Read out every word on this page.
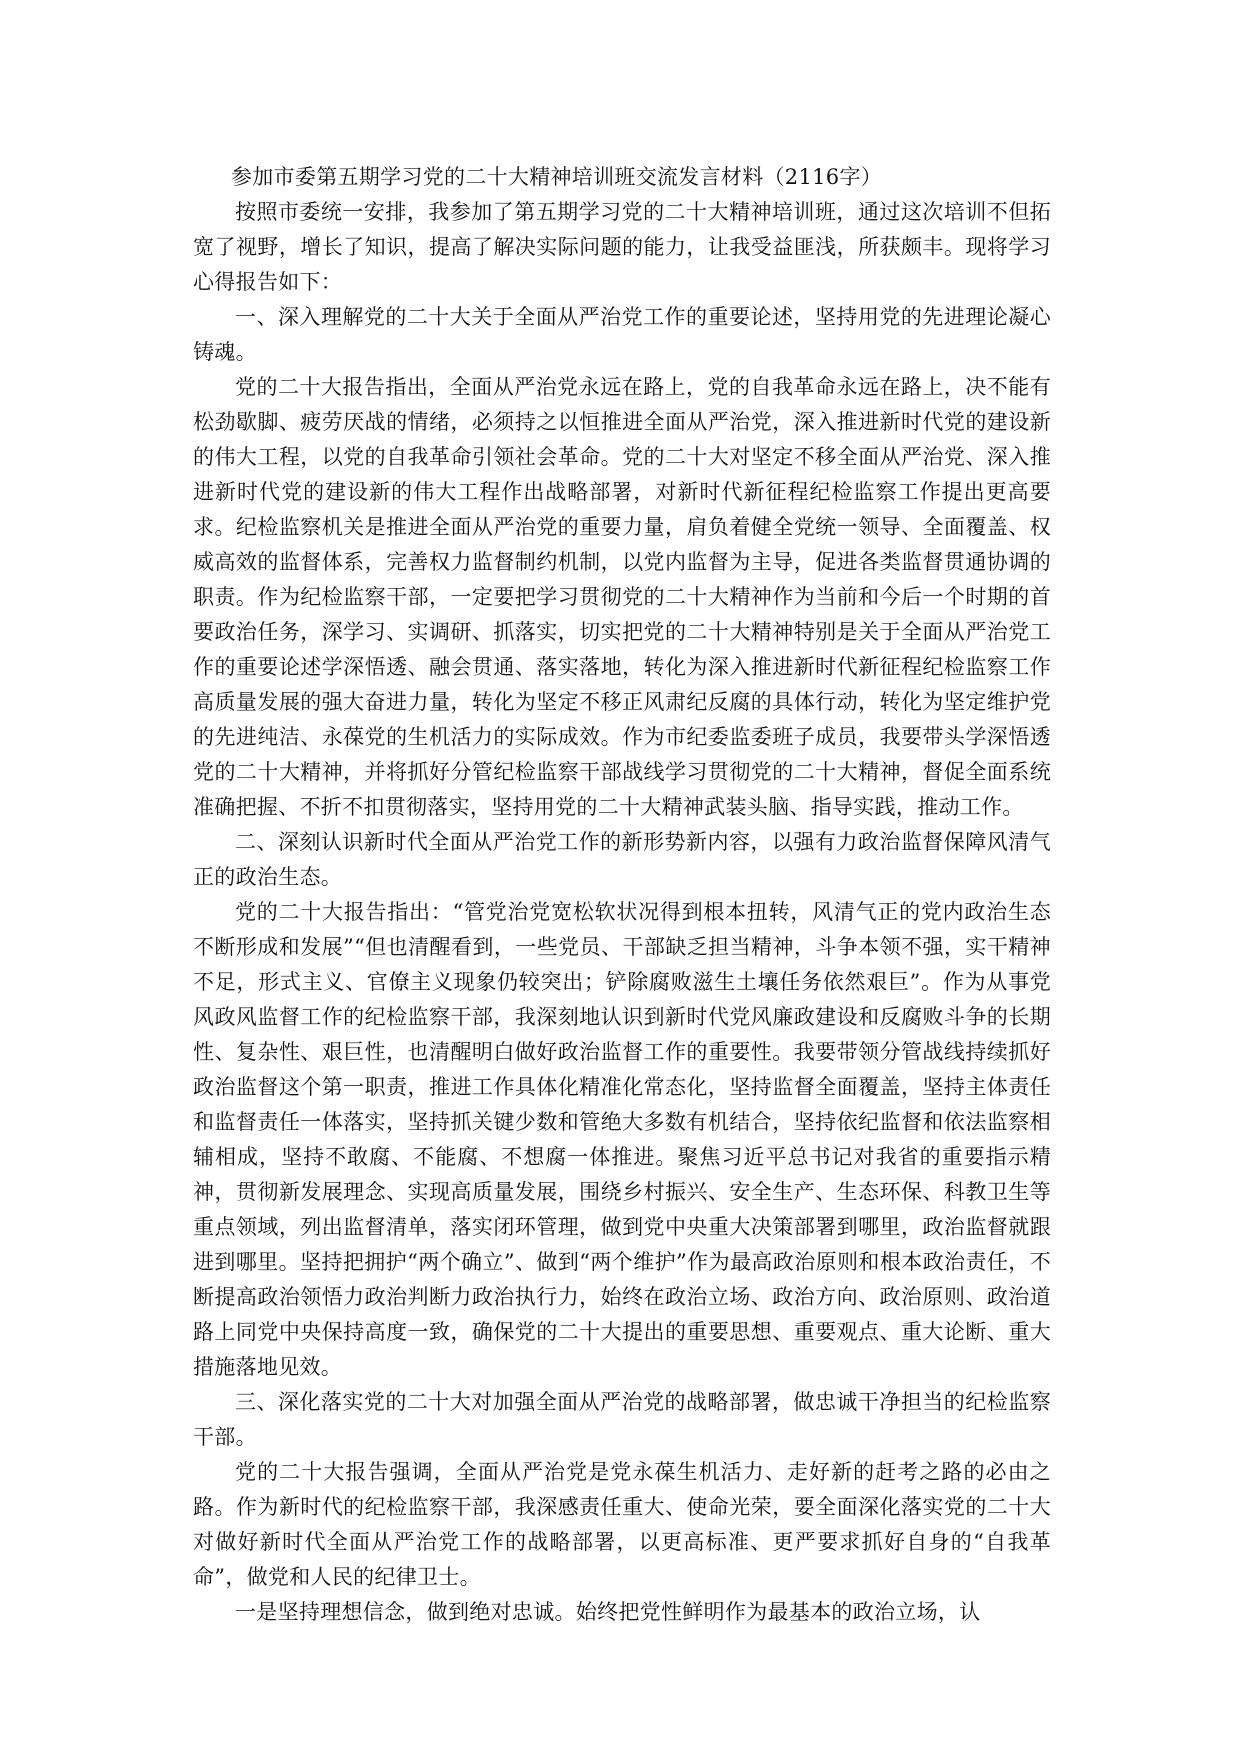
参加市委第五期学习党的二十大精神培训班交流发言材料（2116字）

按照市委统一安排，我参加了第五期学习党的二十大精神培训班，通过这次培训不但拓宽了视野，增长了知识，提高了解决实际问题的能力，让我受益匪浅，所获颇丰。现将学习心得报告如下：

一、深入理解党的二十大关于全面从严治党工作的重要论述，坚持用党的先进理论凝心铸魂。

党的二十大报告指出，全面从严治党永远在路上，党的自我革命永远在路上，决不能有松劲歇脚、疲劳厌战的情绪，必须持之以恒推进全面从严治党，深入推进新时代党的建设新的伟大工程，以党的自我革命引领社会革命。党的二十大对坚定不移全面从严治党、深入推进新时代党的建设新的伟大工程作出战略部署，对新时代新征程纪检监察工作提出更高要求。纪检监察机关是推进全面从严治党的重要力量，肩负着健全党统一领导、全面覆盖、权威高效的监督体系，完善权力监督制约机制，以党内监督为主导，促进各类监督贯通协调的职责。作为纪检监察干部，一定要把学习贯彻党的二十大精神作为当前和今后一个时期的首要政治任务，深学习、实调研、抓落实，切实把党的二十大精神特别是关于全面从严治党工作的重要论述学深悟透、融会贯通、落实落地，转化为深入推进新时代新征程纪检监察工作高质量发展的强大奋进力量，转化为坚定不移正风肃纪反腐的具体行动，转化为坚定维护党的先进纯洁、永葆党的生机活力的实际成效。作为市纪委监委班子成员，我要带头学深悟透党的二十大精神，并将抓好分管纪检监察干部战线学习贯彻党的二十大精神，督促全面系统准确把握、不折不扣贯彻落实，坚持用党的二十大精神武装头脑、指导实践，推动工作。

二、深刻认识新时代全面从严治党工作的新形势新内容，以强有力政治监督保障风清气正的政治生态。

党的二十大报告指出：“管党治党宽松软状况得到根本扭转，风清气正的党内政治生态不断形成和发展”“但也清醒看到，一些党员、干部缺乏担当精神，斗争本领不强，实干精神不足，形式主义、官僚主义现象仍较突出；铲除腐败滋生土壤任务依然艰巨”。作为从事党风政风监督工作的纪检监察干部，我深刻地认识到新时代党风廉政建设和反腐败斗争的长期性、复杂性、艰巨性，也清醒明白做好政治监督工作的重要性。我要带领分管战线持续抓好政治监督这个第一职责，推进工作具体化精准化常态化，坚持监督全面覆盖，坚持主体责任和监督责任一体落实，坚持抓关键少数和管绝大多数有机结合，坚持依纪监督和依法监察相辅相成，坚持不敢腐、不能腐、不想腐一体推进。聚焦习近平总书记对我省的重要指示精神，贯彻新发展理念、实现高质量发展，围绕乡村振兴、安全生产、生态环保、科教卫生等重点领域，列出监督清单，落实闭环管理，做到党中央重大决策部署到哪里，政治监督就跟进到哪里。坚持把拥护“两个确立”、做到“两个维护”作为最高政治原则和根本政治责任，不断提高政治领悟力政治判断力政治执行力，始终在政治立场、政治方向、政治原则、政治道路上同党中央保持高度一致，确保党的二十大提出的重要思想、重要观点、重大论断、重大措施落地见效。

三、深化落实党的二十大对加强全面从严治党的战略部署，做忠诚干净担当的纪检监察干部。

党的二十大报告强调，全面从严治党是党永葆生机活力、走好新的赶考之路的必由之路。作为新时代的纪检监察干部，我深感责任重大、使命光荣，要全面深化落实党的二十大对做好新时代全面从严治党工作的战略部署，以更高标准、更严要求抓好自身的“自我革命”，做党和人民的纪律卫士。

一是坚持理想信念，做到绝对忠诚。始终把党性鲜明作为最基本的政治立场，认
